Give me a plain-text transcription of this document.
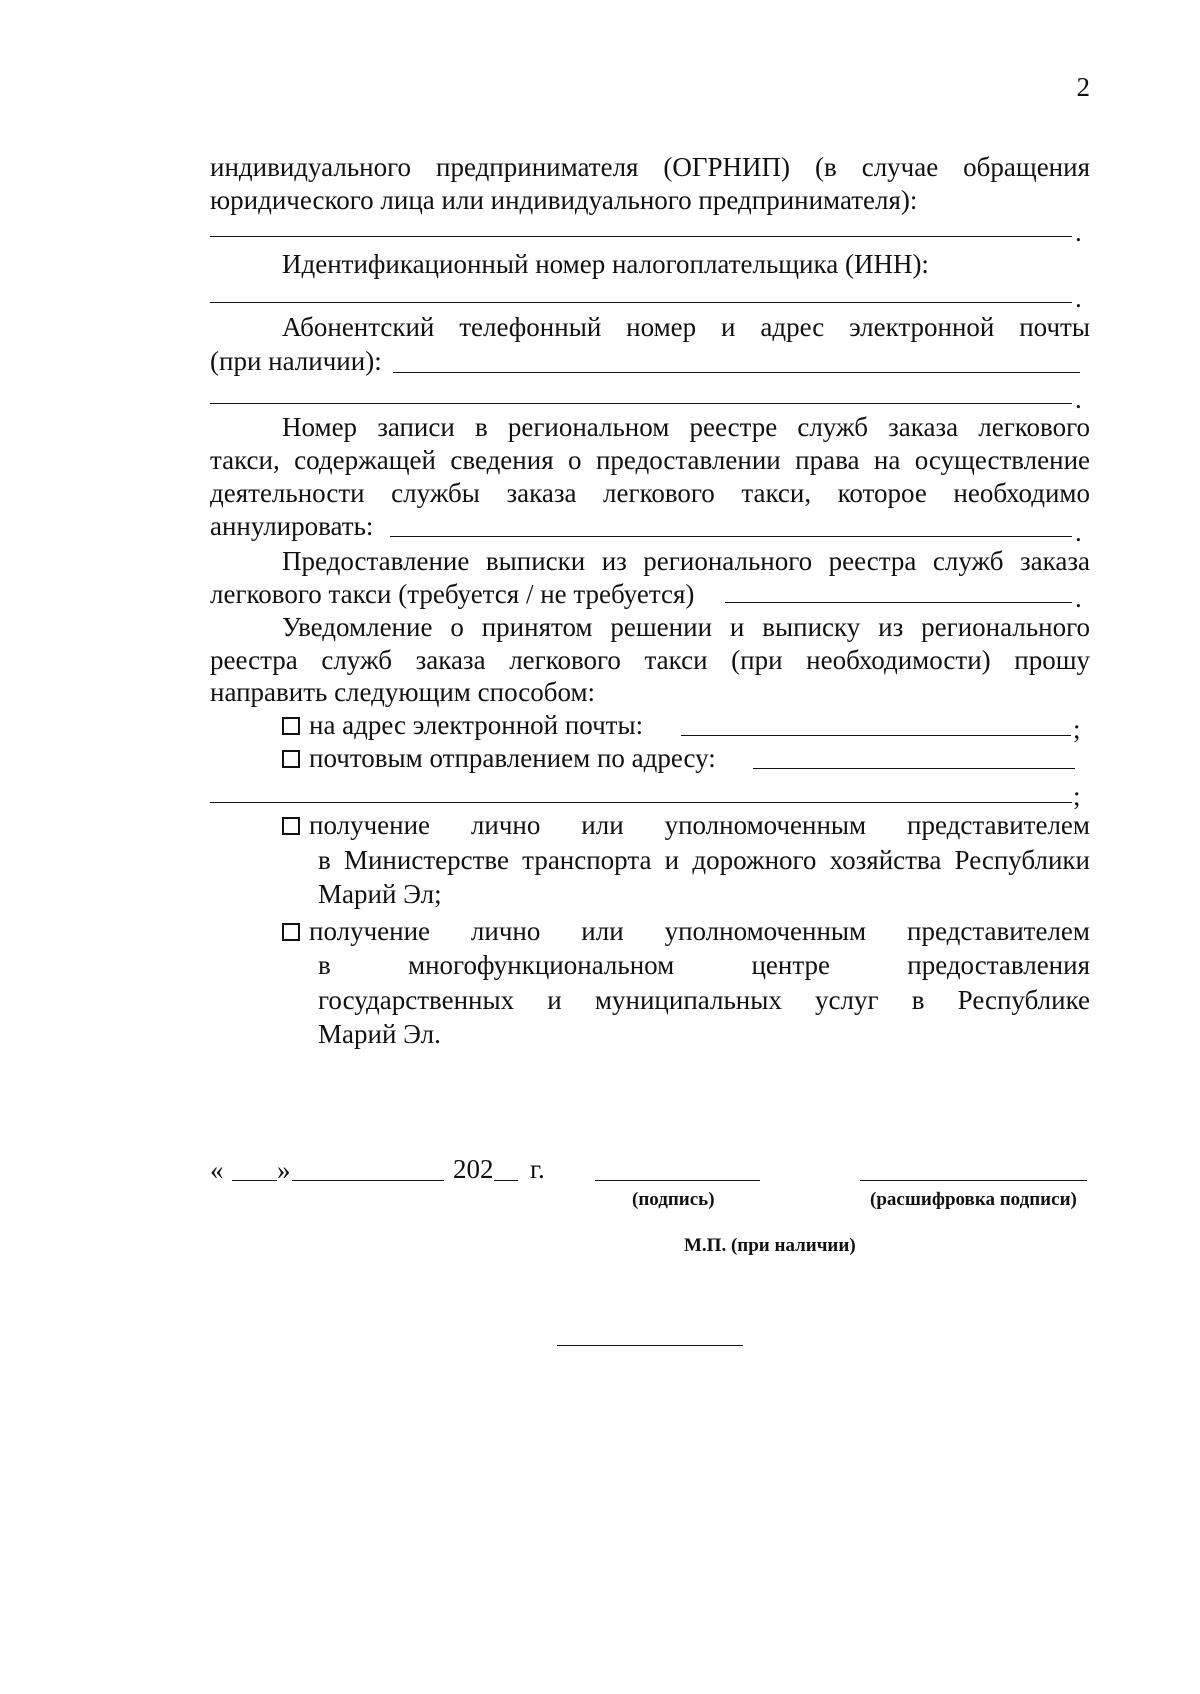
2
индивидуального предпринимателя (ОГРНИП) (в случае обращения
юридического лица или индивидуального предпринимателя):
.
Идентификационный номер налогоплательщика (ИНН):
.
Абонентский телефонный номер и адрес электронной почты
(при наличии):
.
Номер записи в региональном реестре служб заказа легкового
такси, содержащей сведения о предоставлении права на осуществление
деятельности службы заказа легкового такси, которое необходимо
аннулировать:	.
Предоставление выписки из регионального реестра служб заказа
легкового такси (требуется / не требуется)	.
Уведомление о принятом решении и выписку из регионального
реестра служб заказа легкового такси (при необходимости) прошу
направить следующим способом:
на адрес электронной почты:	;
почтовым отправлением по адресу:
;
получение лично или уполномоченным представителем
в Министерстве транспорта и дорожного хозяйства Республики
Марий Эл;
получение лично или уполномоченным представителем
в многофункциональном центре предоставления
государственных и муниципальных услуг в Республике
Марий Эл.
« »	202 г.
(подпись)	(расшифровка подписи)
М.П. (при наличии)
